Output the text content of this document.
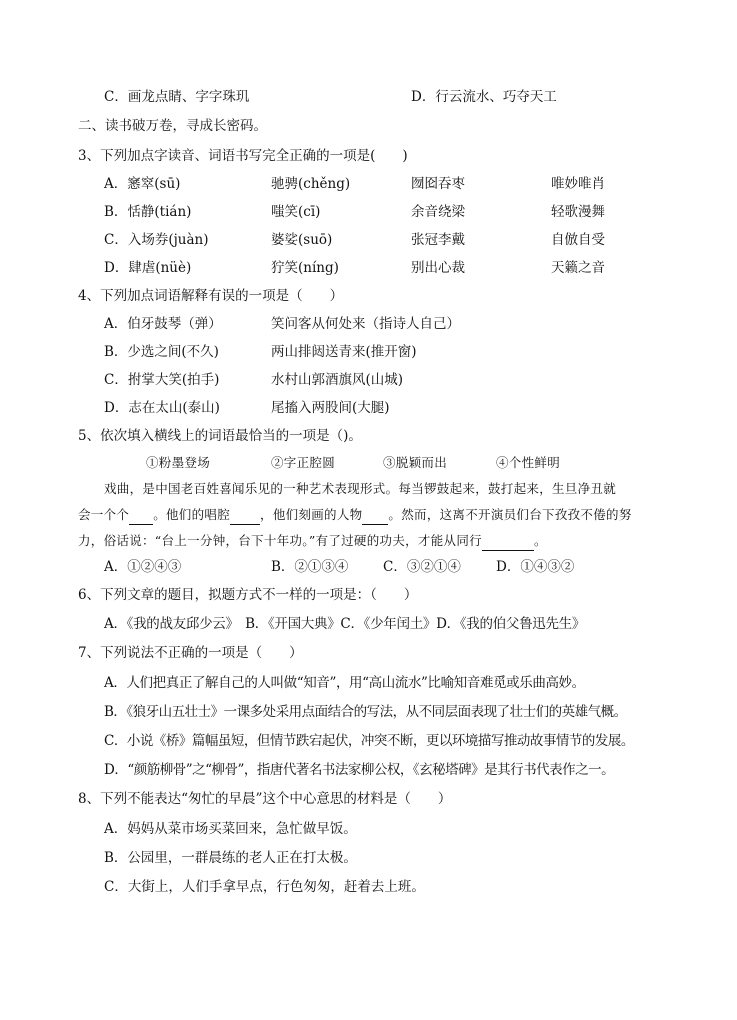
C．画龙点睛、字字珠玑	D．行云流水、巧夺天工
二、读书破万卷，寻成长密码。
3、下列加点字读音、词语书写完全正确的一项是(　　)
A．窸窣(sū)	驰骋(chěng)	囫囵吞枣	唯妙唯肖
B．恬静(tián)	嗤笑(cī)	余音绕梁	轻歌漫舞
C．入场券(juàn)	婆娑(suō)	张冠李戴	自倣自受
D．肆虐(nüè)	狞笑(níng)	别出心裁	天籁之音
4、下列加点词语解释有误的一项是（　　）
A．伯牙鼓琴（弹）	笑问客从何处来（指诗人自己）
B．少选之间(不久)	两山排闼送青来(推开窗)
C．拊掌大笑(拍手)	水村山郭酒旗风(山城)
D．志在太山(泰山)	尾搐入两股间(大腿)
5、依次填入横线上的词语最恰当的一项是（)。
①粉墨登场	②字正腔圆	③脱颖而出	④个性鲜明
戏曲，是中国老百姓喜闻乐见的一种艺术表现形式。每当锣鼓起来，鼓打起来，生旦净丑就
会一个个 。他们的唱腔 ，他们刻画的人物 。然而，这离不开演员们台下孜孜不倦的努
力，俗话说：“台上一分钟，台下十年功。”有了过硬的功夫，才能从同行	。
A．①②④③	B．②①③④	C．③②①④	D．①④③②
6、下列文章的题目，拟题方式不一样的一项是：（　　）
A．《我的战友邱少云》　B．《开国大典》C．《少年闰土》D．《我的伯父鲁迅先生》
7、下列说法不正确的一项是（　　）
A．人们把真正了解自己的人叫做“知音”，用“高山流水”比喻知音难觅或乐曲高妙。
B．《狼牙山五壮士》一课多处采用点面结合的写法，从不同层面表现了壮士们的英雄气概。
C．小说《桥》篇幅虽短，但情节跌宕起伏，冲突不断，更以环境描写推动故事情节的发展。
D．“颜筋柳骨”之“柳骨”，指唐代著名书法家柳公权，《玄秘塔碑》是其行书代表作之一。
8、下列不能表达“匆忙的早晨”这个中心意思的材料是（　　）
A．妈妈从菜市场买菜回来，急忙做早饭。
B．公园里，一群晨练的老人正在打太极。
C．大街上，人们手拿早点，行色匆匆，赶着去上班。
